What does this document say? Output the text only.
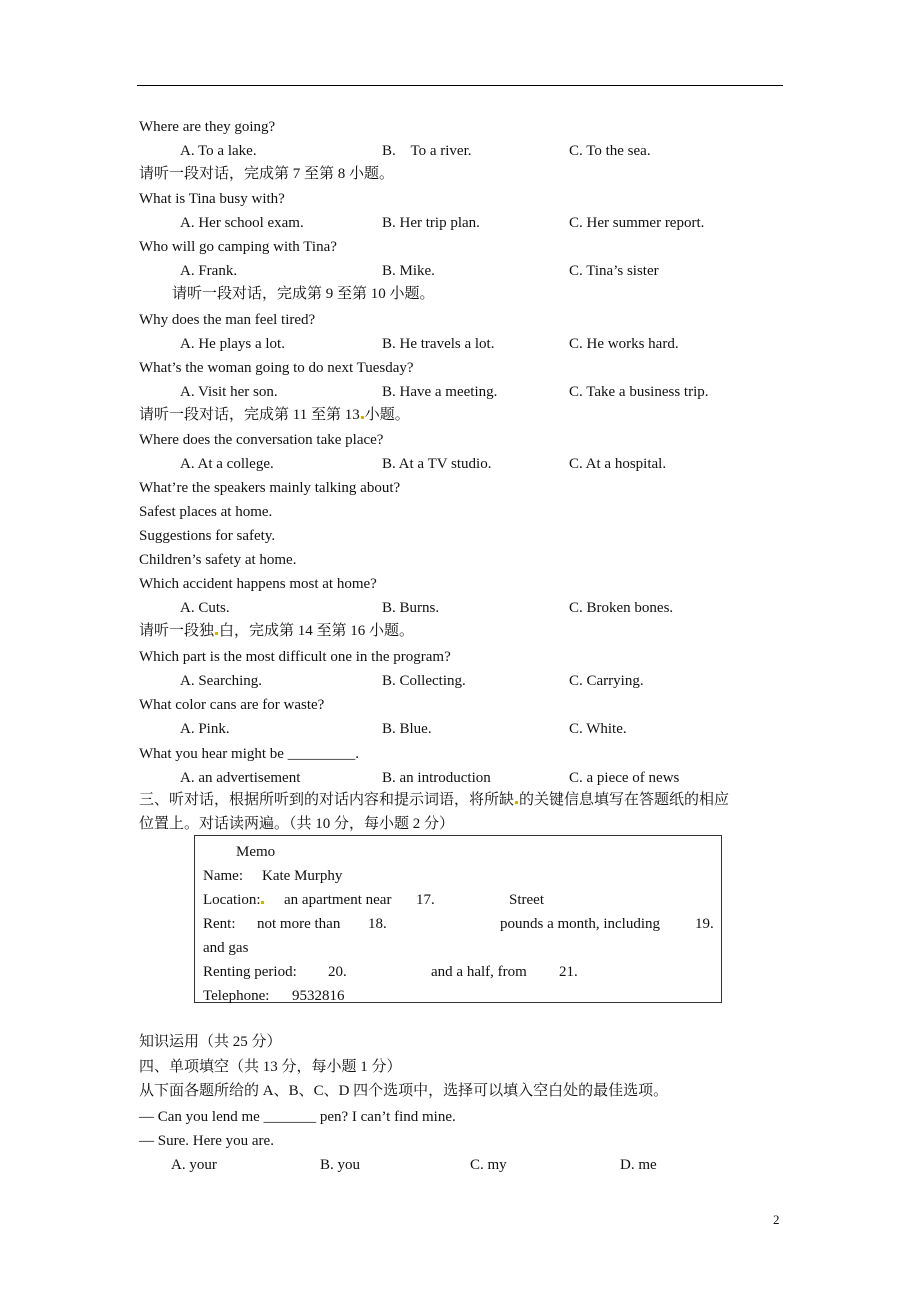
Where are they going?
A. To a lake.	B.    To a river.	C. To the sea.
请听一段对话，完成第 7 至第 8 小题。
What is Tina busy with?
A. Her school exam.	B. Her trip plan.	C. Her summer report.
Who will go camping with Tina?
A. Frank.	B. Mike.	C. Tina’s sister
请听一段对话，完成第 9 至第 10 小题。
Why does the man feel tired?
A. He plays a lot.	B. He travels a lot.	C. He works hard.
What’s the woman going to do next Tuesday?
A. Visit her son.	B. Have a meeting.	C. Take a business trip.
请听一段对话，完成第 11 至第 13 小题。
Where does the conversation take place?
A. At a college.	B. At a TV studio.	C. At a hospital.
What’re the speakers mainly talking about?
Safest places at home.
Suggestions for safety.
Children’s safety at home.
Which accident happens most at home?
A. Cuts.	B. Burns.	C. Broken bones.
请听一段独 白，完成第 14 至第 16 小题。
Which part is the most difficult one in the program?
A. Searching.	B. Collecting.	C. Carrying.
What color cans are for waste?
A. Pink.	B. Blue.	C. White.
What you hear might be _________.
A. an advertisement	B. an introduction	C. a piece of news
三、听对话，根据所听到的对话内容和提示词语，将所缺 的关键信息填写在答题纸的相应
位置上。对话读两遍。（共 10 分，每小题 2 分）
Memo
Name: Kate Murphy
Location:	an apartment near 17.	Street
Rent: not more than 18.	pounds a month, including 19.
and gas
Renting period: 20.	and a half, from 21.
Telephone: 9532816
知识运用（共 25 分）
四、单项填空（共 13 分，每小题 1 分）
从下面各题所给的 A、B、C、D 四个选项中，选择可以填入空白处的最佳选项。
— Can you lend me _______ pen? I can’t find mine.
— Sure. Here you are.
A. your	B. you	C. my	D. me
2
